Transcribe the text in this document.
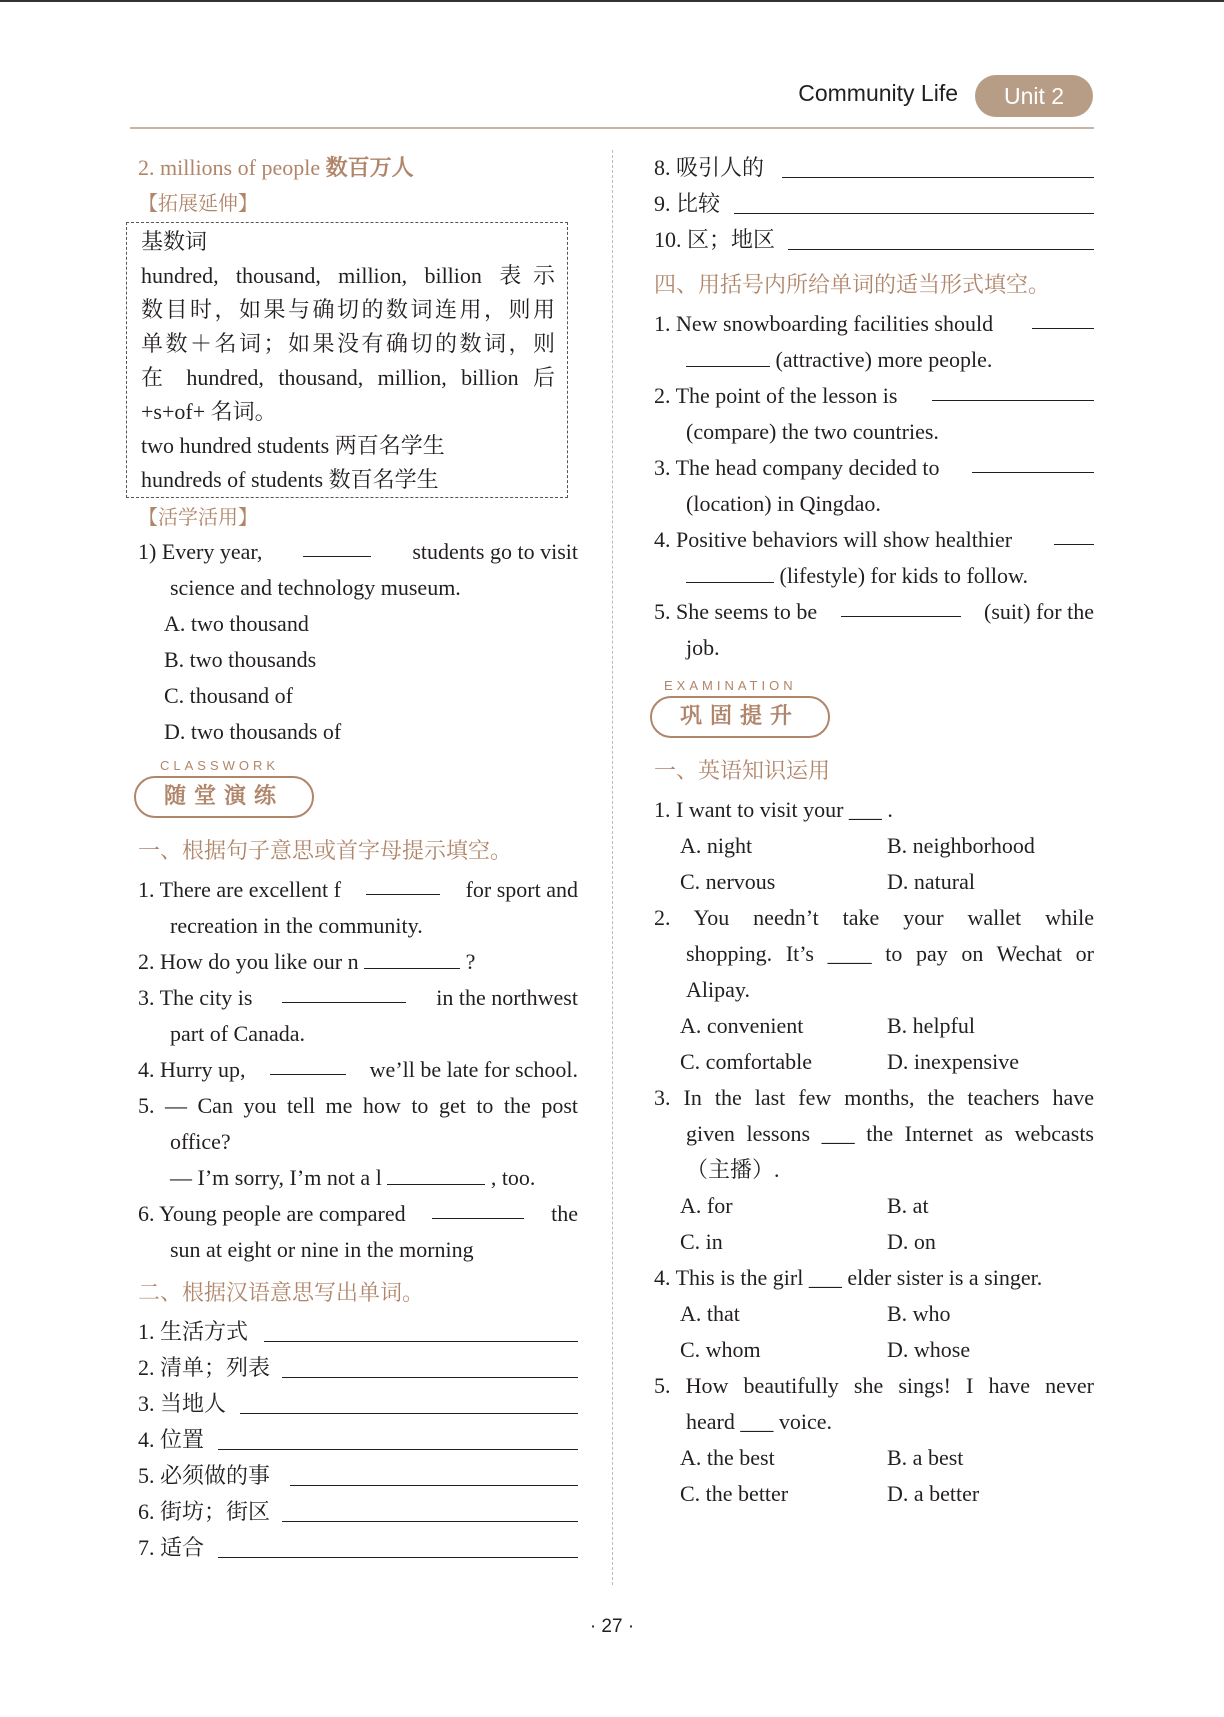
Community Life	Unit 2
2. millions of people 数百万人
【拓展延伸】
基数词
hundred, thousand, million, billion 表示
数目时，如果与确切的数词连用，则用
单数＋名词；如果没有确切的数词，则
在 hundred, thousand, million, billion 后
+s+of+ 名词。
two hundred students 两百名学生
hundreds of students 数百名学生
【活学活用】
1) Every year,	students go to visit
science and technology museum.
A. two thousand
B. two thousands
C. thousand of
D. two thousands of
CLASSWORK
随堂演练
一、根据句子意思或首字母提示填空。
1. There are excellent f	for sport and
recreation in the community.
2. How do you like our n	?
3. The city is	in the northwest
part of Canada.
4. Hurry up,	we’ll be late for school.
5. — Can you tell me how to get to the post
office?
— I’m sorry, I’m not a l	, too.
6. Young people are compared	the
sun at eight or nine in the morning
二、根据汉语意思写出单词。
1. 生活方式
2. 清单；列表
3. 当地人
4. 位置
5. 必须做的事
6. 街坊；街区
7. 适合
8. 吸引人的
9. 比较
10. 区；地区
四、用括号内所给单词的适当形式填空。
1. New snowboarding facilities should
(attractive) more people.
2. The point of the lesson is
(compare) the two countries.
3. The head company decided to
(location) in Qingdao.
4. Positive behaviors will show healthier
(lifestyle) for kids to follow.
5. She seems to be	(suit) for the
job.
EXAMINATION
巩固提升
一、英语知识运用
1. I want to visit your ___ .
A. night	B. neighborhood
C. nervous	D. natural
2. You needn’t take your wallet while
shopping. It’s ____ to pay on Wechat or
Alipay.
A. convenient	B. helpful
C. comfortable	D. inexpensive
3. In the last few months, the teachers have
given lessons ___ the Internet as webcasts
（主播）.
A. for	B. at
C. in	D. on
4. This is the girl ___ elder sister is a singer.
A. that	B. who
C. whom	D. whose
5. How beautifully she sings! I have never
heard ___ voice.
A. the best	B. a best
C. the better	D. a better
· 27 ·
